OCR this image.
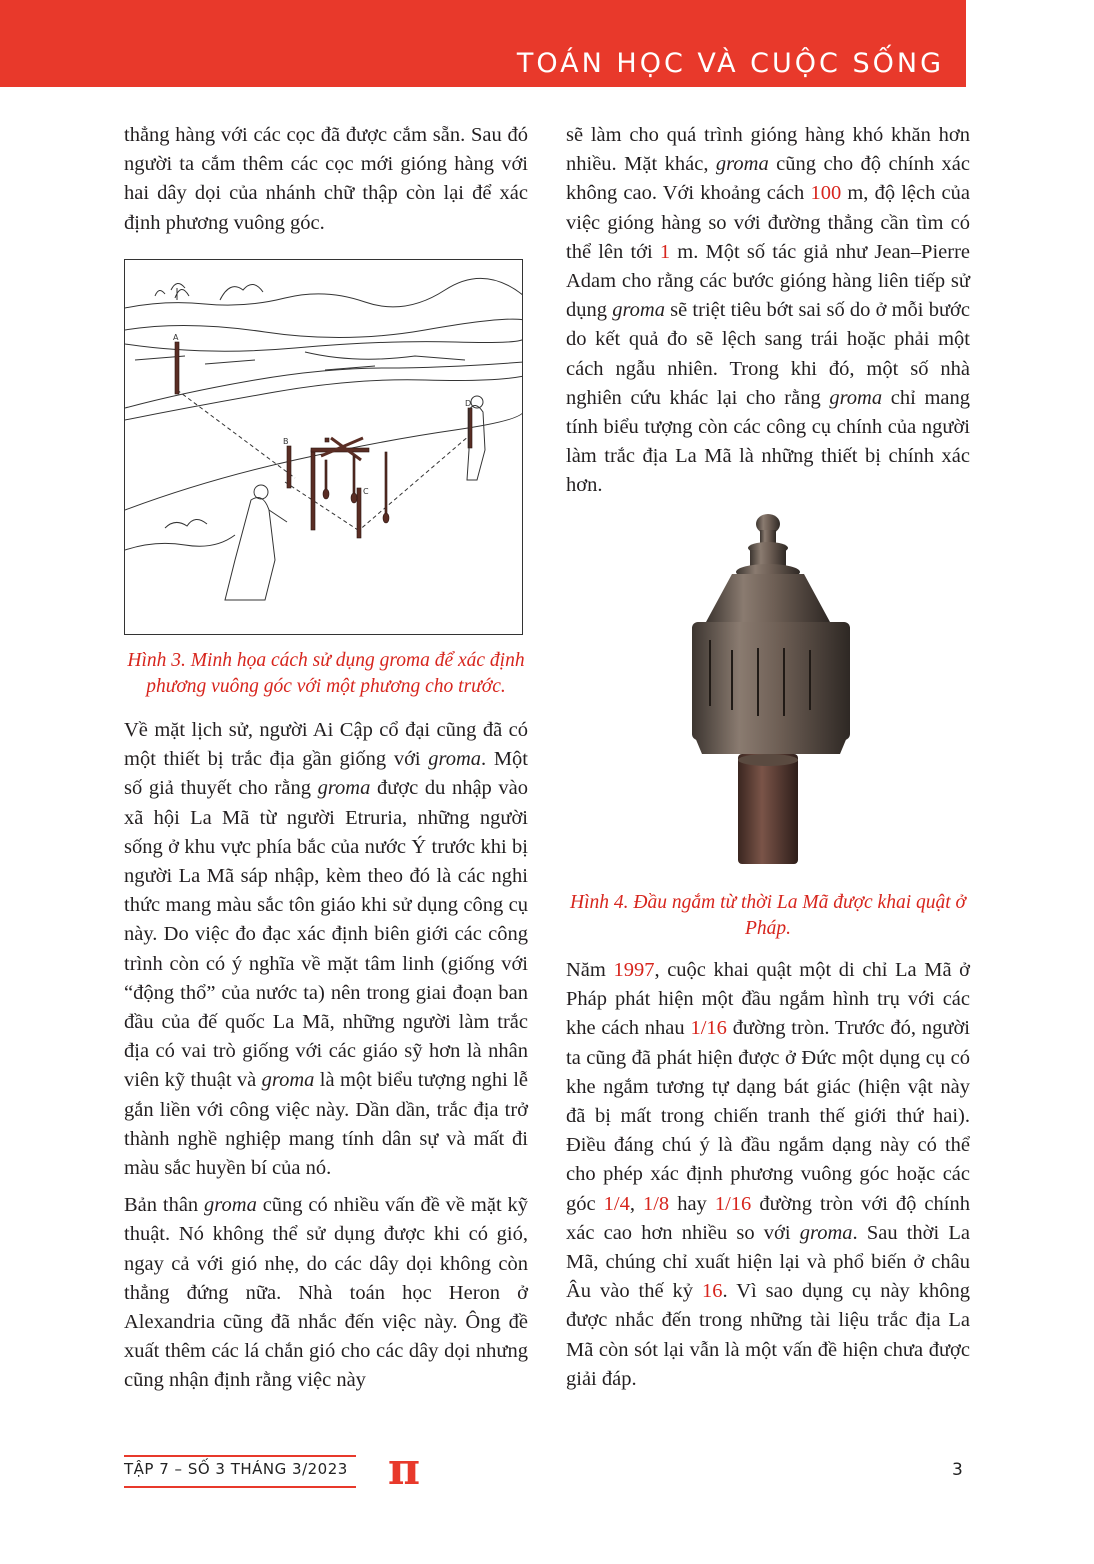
TOÁN HỌC VÀ CUỘC SỐNG

thẳng hàng với các cọc đã được cắm sẵn. Sau đó người ta cắm thêm các cọc mới gióng hàng với hai dây dọi của nhánh chữ thập còn lại để xác định phương vuông góc.

A
B
C
D
Hình 3. Minh họa cách sử dụng groma để xác định phương vuông góc với một phương cho trước.

Về mặt lịch sử, người Ai Cập cổ đại cũng đã có một thiết bị trắc địa gần giống với groma. Một số giả thuyết cho rằng groma được du nhập vào xã hội La Mã từ người Etruria, những người sống ở khu vực phía bắc của nước Ý trước khi bị người La Mã sáp nhập, kèm theo đó là các nghi thức mang màu sắc tôn giáo khi sử dụng công cụ này. Do việc đo đạc xác định biên giới các công trình còn có ý nghĩa về mặt tâm linh (giống với “động thổ” của nước ta) nên trong giai đoạn ban đầu của đế quốc La Mã, những người làm trắc địa có vai trò giống với các giáo sỹ hơn là nhân viên kỹ thuật và groma là một biểu tượng nghi lễ gắn liền với công việc này. Dần dần, trắc địa trở thành nghề nghiệp mang tính dân sự và mất đi màu sắc huyền bí của nó.

Bản thân groma cũng có nhiều vấn đề về mặt kỹ thuật. Nó không thể sử dụng được khi có gió, ngay cả với gió nhẹ, do các dây dọi không còn thẳng đứng nữa. Nhà toán học Heron ở Alexandria cũng đã nhắc đến việc này. Ông đề xuất thêm các lá chắn gió cho các dây dọi nhưng cũng nhận định rằng việc này

sẽ làm cho quá trình gióng hàng khó khăn hơn nhiều. Mặt khác, groma cũng cho độ chính xác không cao. Với khoảng cách 100 m, độ lệch của việc gióng hàng so với đường thẳng cần tìm có thể lên tới 1 m. Một số tác giả như Jean–Pierre Adam cho rằng các bước gióng hàng liên tiếp sử dụng groma sẽ triệt tiêu bớt sai số do ở mỗi bước do kết quả đo sẽ lệch sang trái hoặc phải một cách ngẫu nhiên. Trong khi đó, một số nhà nghiên cứu khác lại cho rằng groma chỉ mang tính biểu tượng còn các công cụ chính của người làm trắc địa La Mã là những thiết bị chính xác hơn.

Hình 4. Đầu ngắm từ thời La Mã được khai quật ở Pháp.

Năm 1997, cuộc khai quật một di chỉ La Mã ở Pháp phát hiện một đầu ngắm hình trụ với các khe cách nhau 1/16 đường tròn. Trước đó, người ta cũng đã phát hiện được ở Đức một dụng cụ có khe ngắm tương tự dạng bát giác (hiện vật này đã bị mất trong chiến tranh thế giới thứ hai). Điều đáng chú ý là đầu ngắm dạng này có thể cho phép xác định phương vuông góc hoặc các góc 1/4, 1/8 hay 1/16 đường tròn với độ chính xác cao hơn nhiều so với groma. Sau thời La Mã, chúng chỉ xuất hiện lại và phổ biến ở châu Âu vào thế kỷ 16. Vì sao dụng cụ này không được nhắc đến trong những tài liệu trắc địa La Mã còn sót lại vẫn là một vấn đề hiện chưa được giải đáp.

TẬP 7 – SỐ 3 THÁNG 3/2023 π	3
